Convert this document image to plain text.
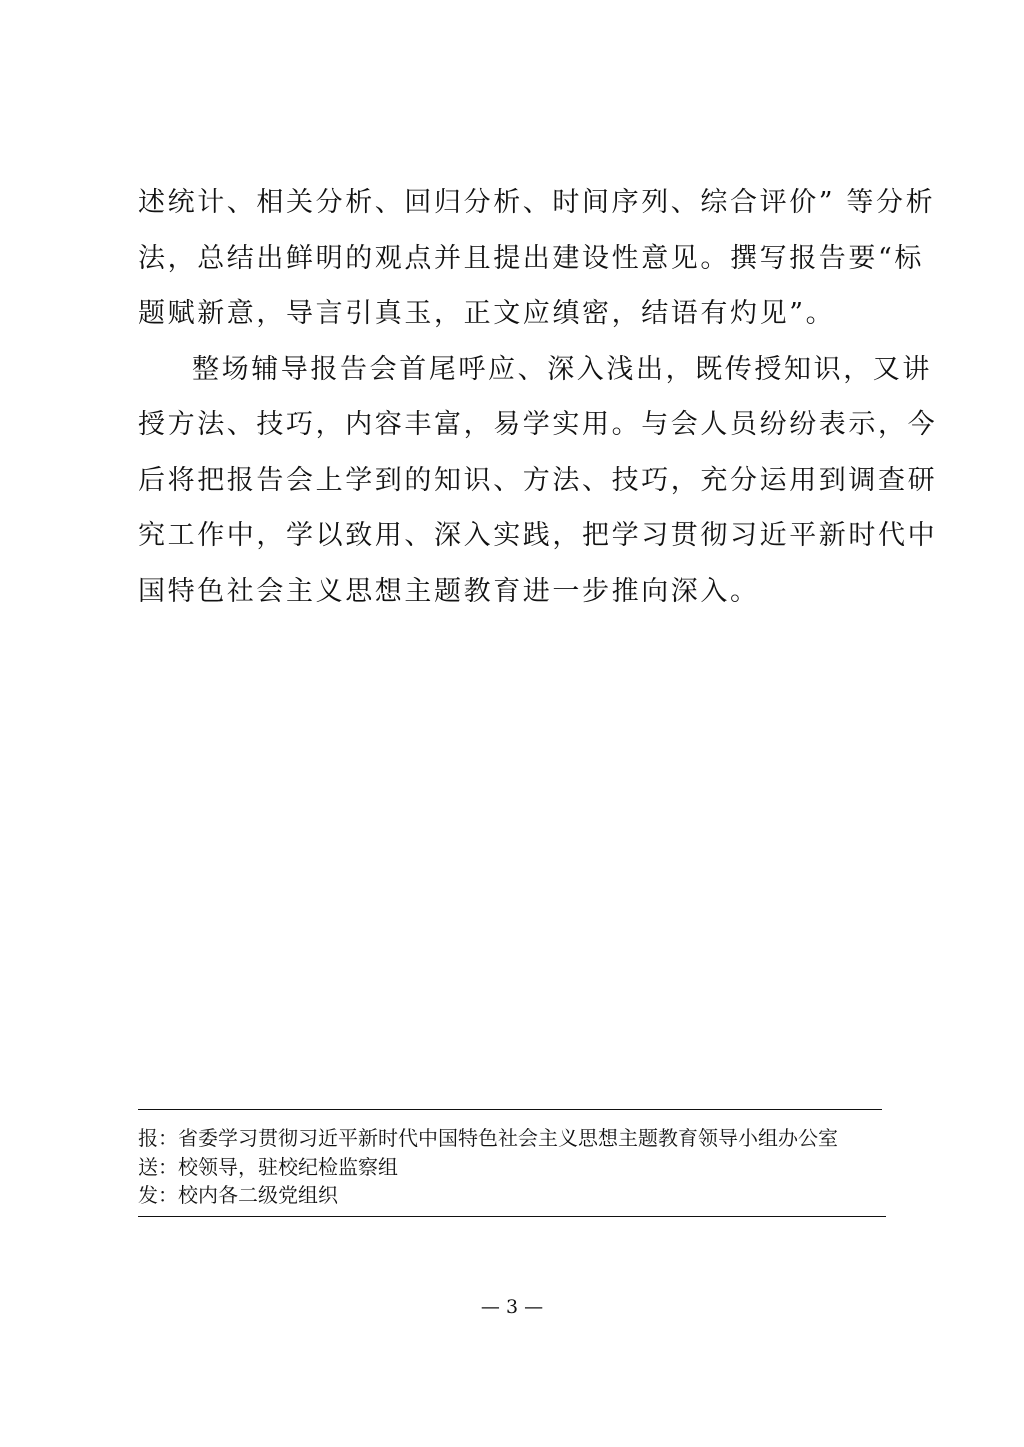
述统计、相关分析、回归分析、时间序列、综合评价” 等分析
法，总结出鲜明的观点并且提出建设性意见。撰写报告要“标
题赋新意，导言引真玉，正文应缜密，结语有灼见”。
整场辅导报告会首尾呼应、深入浅出，既传授知识，又讲
授方法、技巧，内容丰富，易学实用。与会人员纷纷表示，今
后将把报告会上学到的知识、方法、技巧，充分运用到调查研
究工作中，学以致用、深入实践，把学习贯彻习近平新时代中
国特色社会主义思想主题教育进一步推向深入。
报：省委学习贯彻习近平新时代中国特色社会主义思想主题教育领导小组办公室
送：校领导，驻校纪检监察组
发：校内各二级党组织
— 3 —
